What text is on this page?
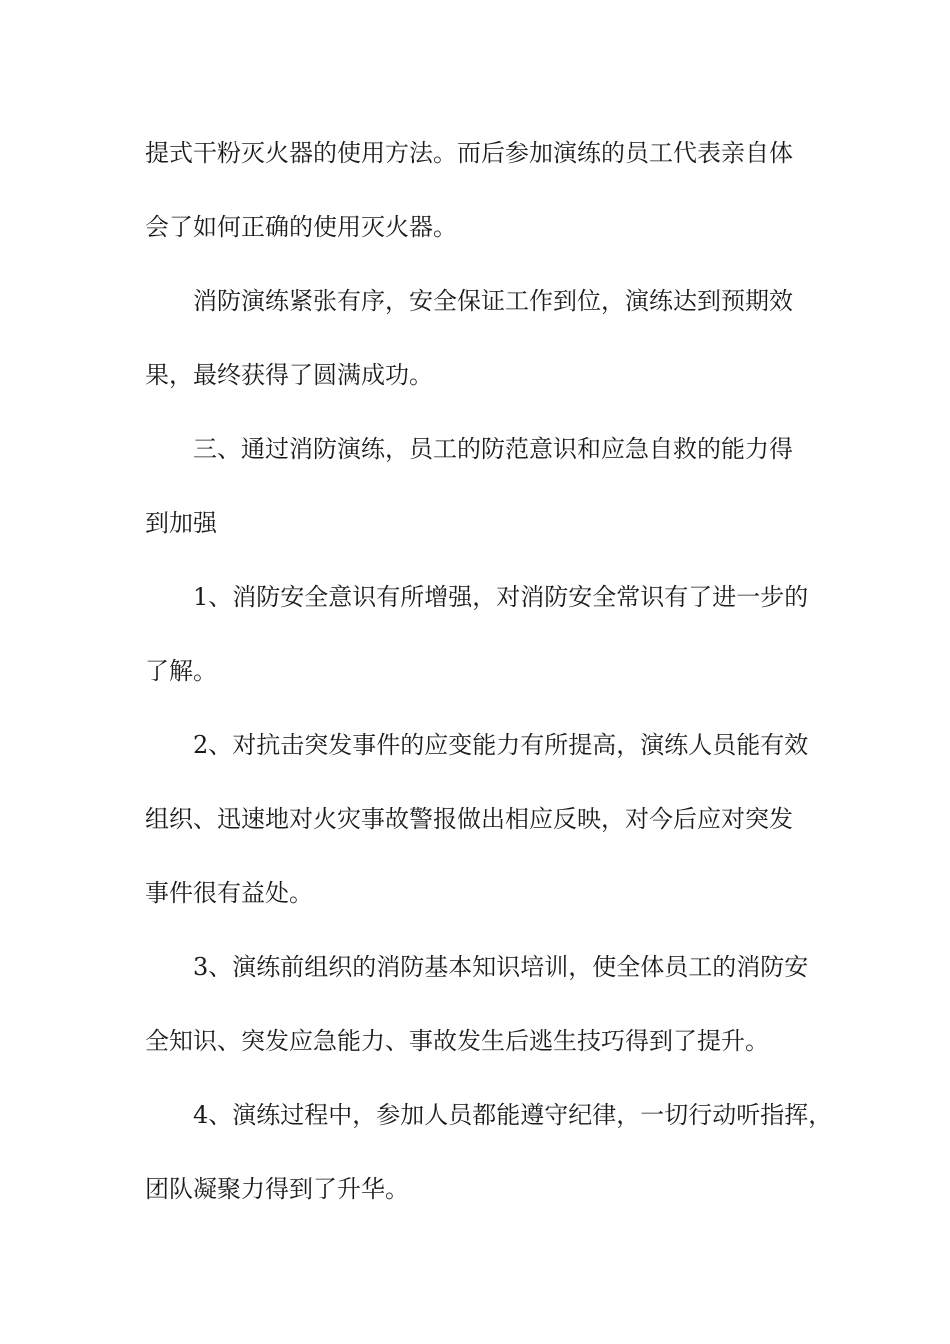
提式干粉灭火器的使用方法。而后参加演练的员工代表亲自体
会了如何正确的使用灭火器。
消防演练紧张有序，安全保证工作到位，演练达到预期效
果，最终获得了圆满成功。
三、通过消防演练，员工的防范意识和应急自救的能力得
到加强
1、消防安全意识有所增强，对消防安全常识有了进一步的
了解。
2、对抗击突发事件的应变能力有所提高，演练人员能有效
组织、迅速地对火灾事故警报做出相应反映，对今后应对突发
事件很有益处。
3、演练前组织的消防基本知识培训，使全体员工的消防安
全知识、突发应急能力、事故发生后逃生技巧得到了提升。
4、演练过程中，参加人员都能遵守纪律，一切行动听指挥，
团队凝聚力得到了升华。
